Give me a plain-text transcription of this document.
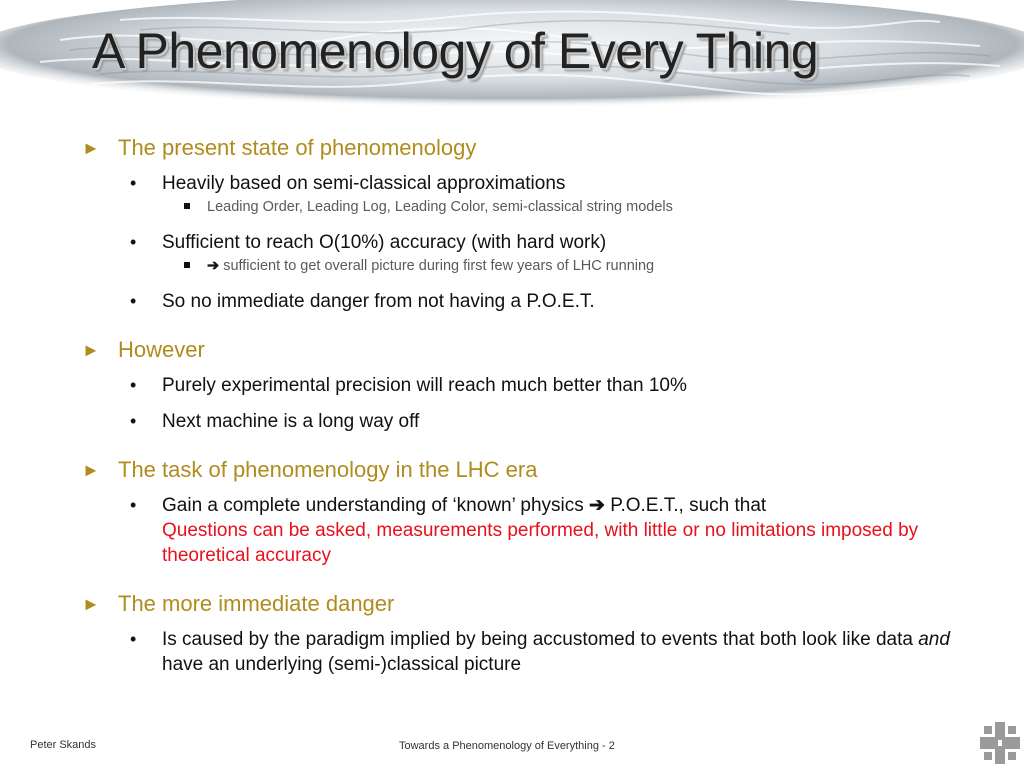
A Phenomenology of Every Thing
► The present state of phenomenology
• Heavily based on semi-classical approximations
Leading Order, Leading Log, Leading Color, semi-classical string models
• Sufficient to reach O(10%) accuracy (with hard work)
➔ sufficient to get overall picture during first few years of LHC running
• So no immediate danger from not having a P.O.E.T.
► However
• Purely experimental precision will reach much better than 10%
• Next machine is a long way off
► The task of phenomenology in the LHC era
• Gain a complete understanding of ‘known’ physics ➔ P.O.E.T., such that
Questions can be asked, measurements performed, with little or no limitations imposed by theoretical accuracy
► The more immediate danger
• Is caused by the paradigm implied by being accustomed to events that both look like data and have an underlying (semi-)classical picture
Peter Skands	Towards a Phenomenology of Everything - 2
